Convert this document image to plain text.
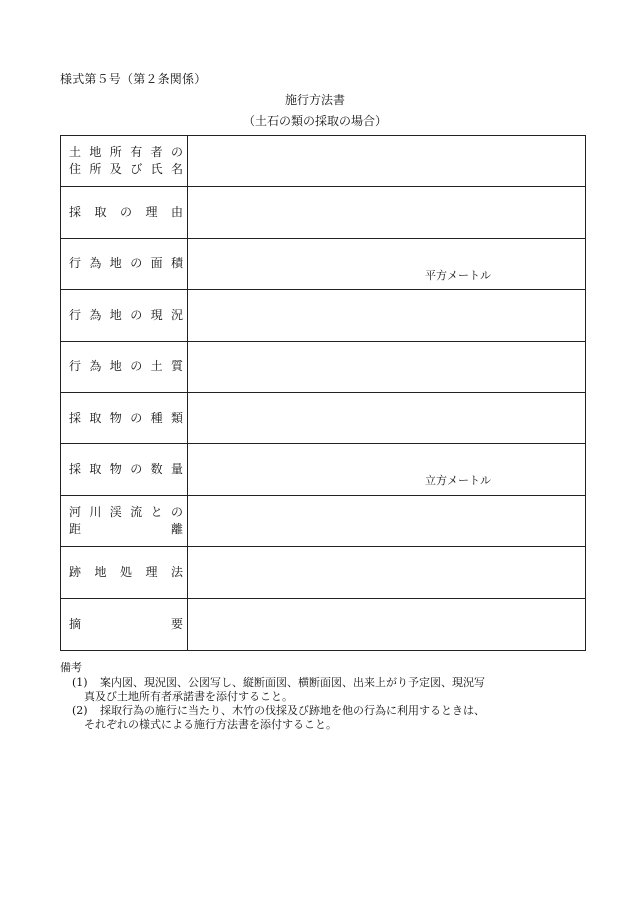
様式第５号（第２条関係）
施行方法書
（土石の類の採取の場合）
土地所有者の
住所及び氏名
採取の理由
行為地の面積
平方メートル
行為地の現況
行為地の土質
採取物の種類
採取物の数量
立方メートル
河川渓流との
距離
跡地処理法
摘要
備考
(1)	案内図、現況図、公図写し、縦断面図、横断面図、出来上がり予定図、現況写
真及び土地所有者承諾書を添付すること。
(2)	採取行為の施行に当たり、木竹の伐採及び跡地を他の行為に利用するときは、
それぞれの様式による施行方法書を添付すること。
